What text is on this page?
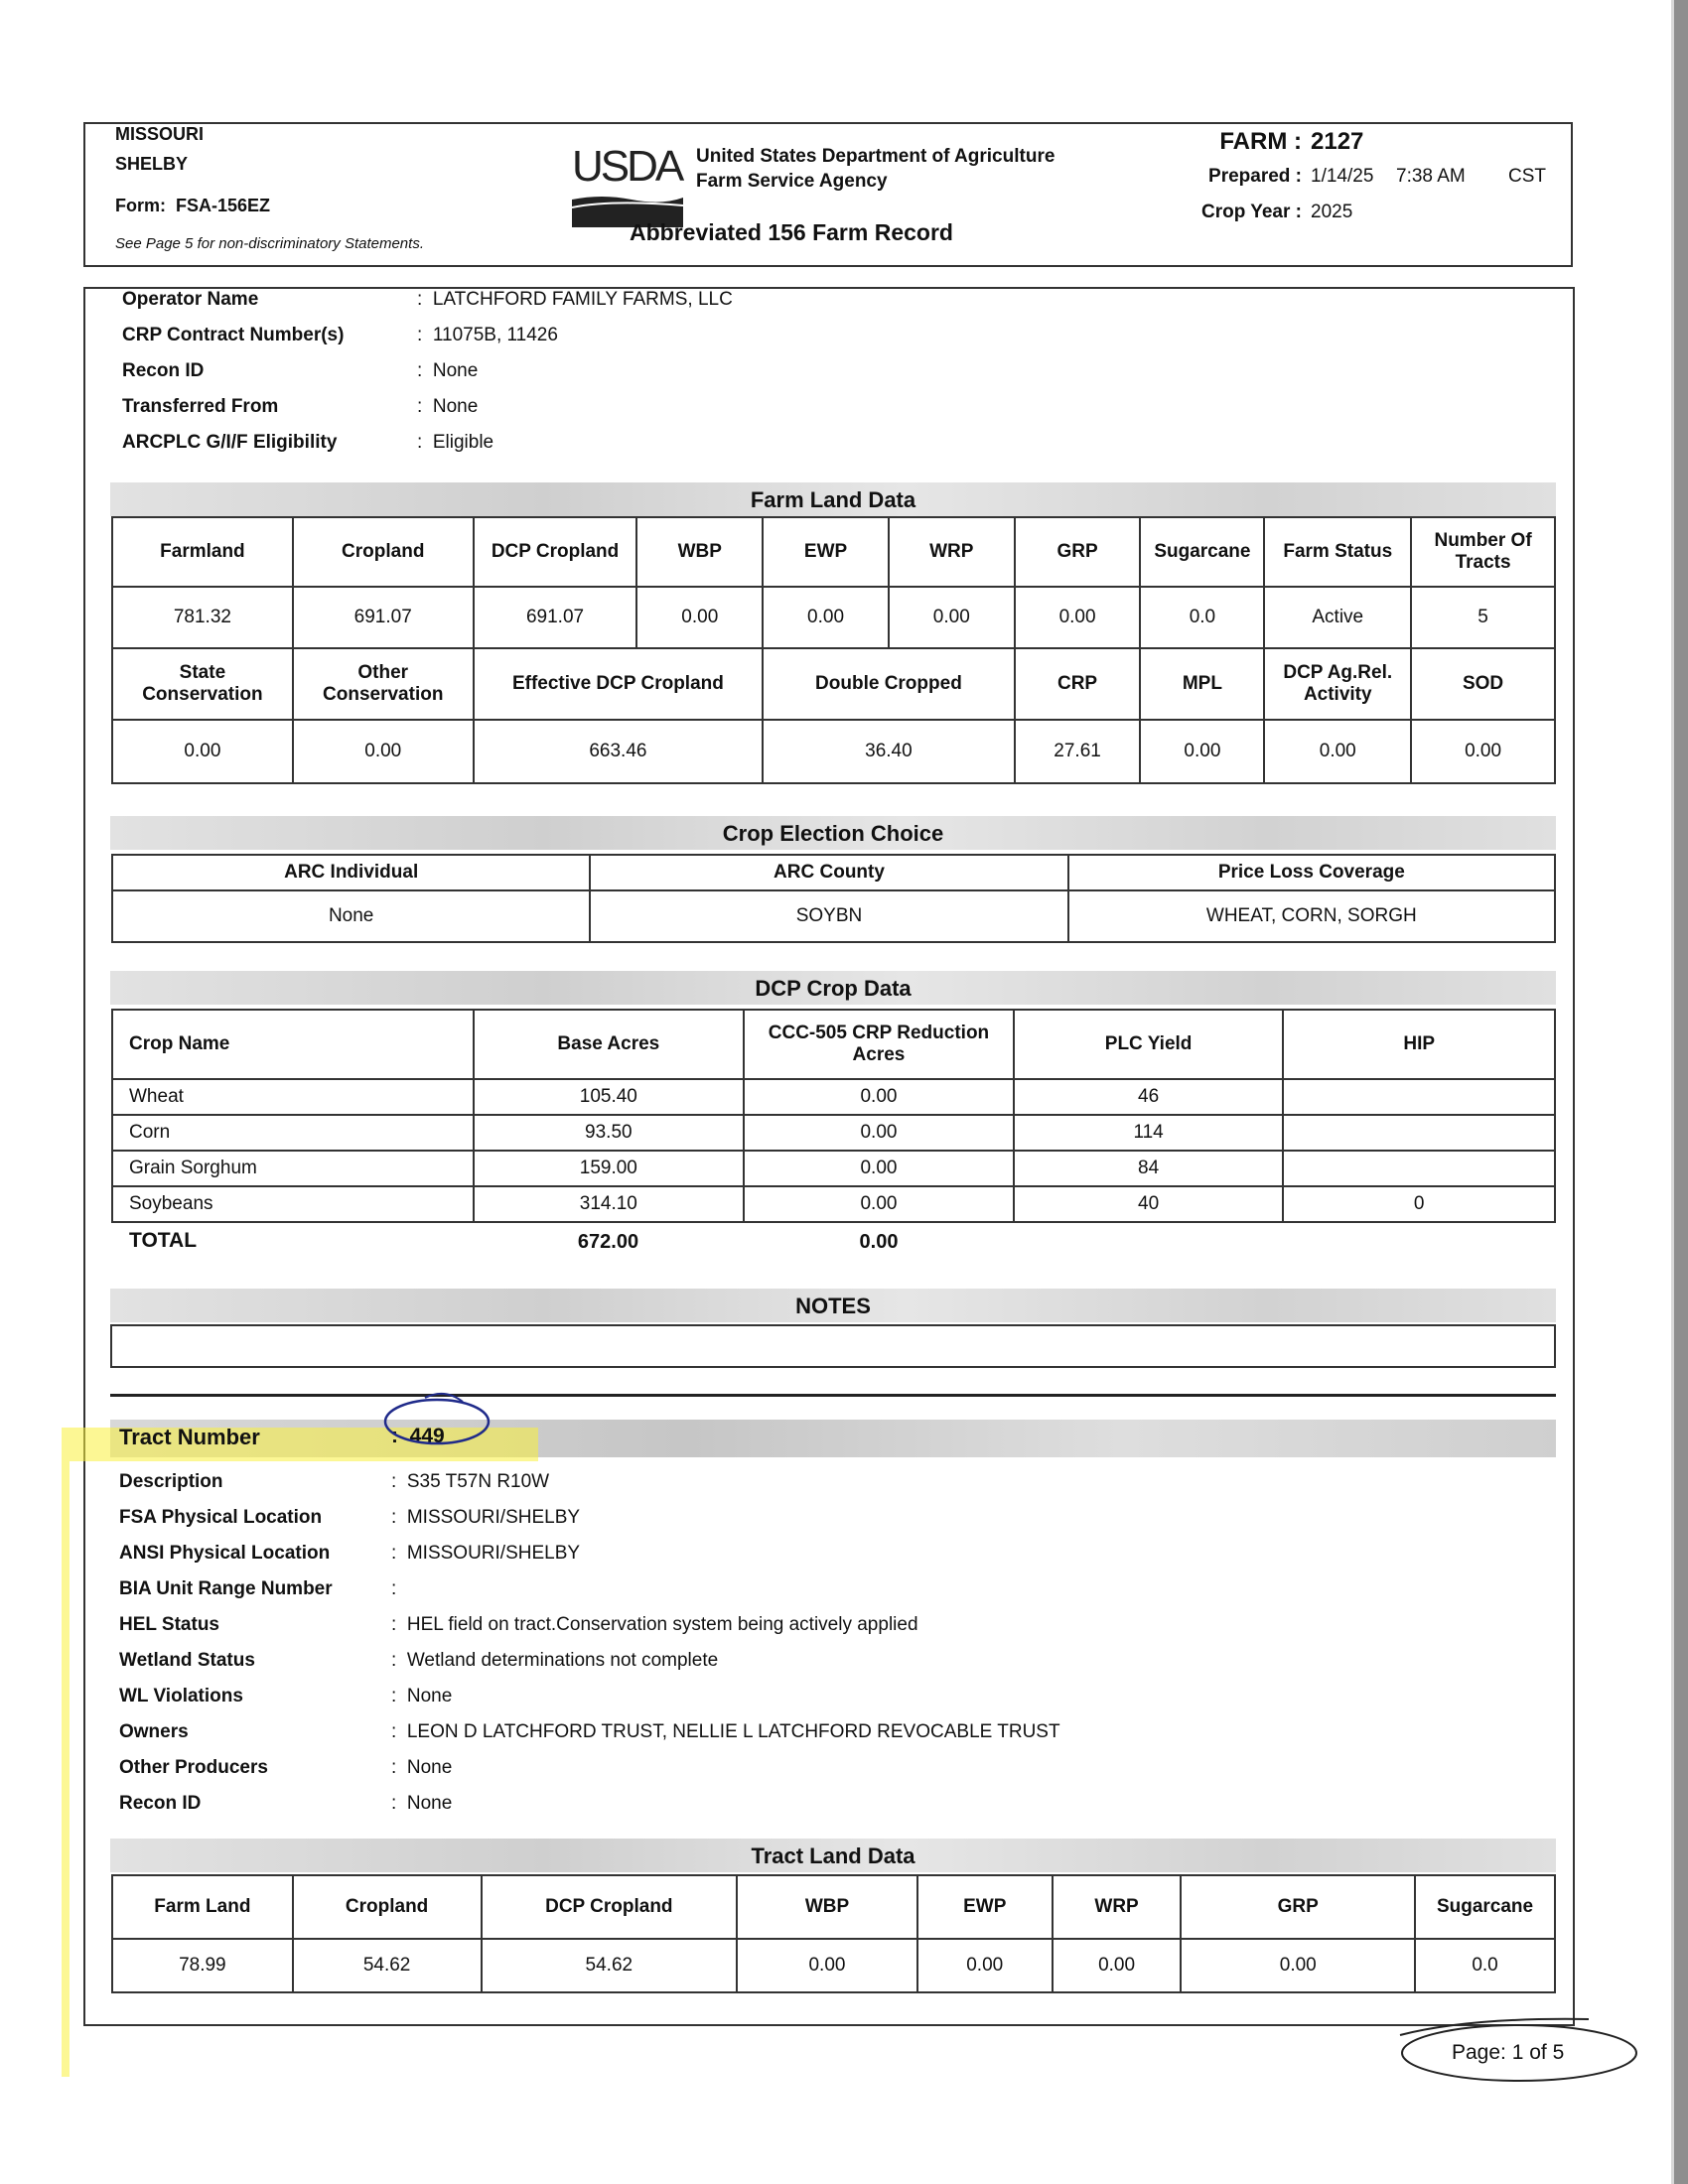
MISSOURI
SHELBY
Form: FSA-156EZ
See Page 5 for non-discriminatory Statements.
USDA United States Department of Agriculture
Farm Service Agency
Abbreviated 156 Farm Record
FARM : 2127
Prepared : 1/14/25 7:38 AM CST
Crop Year : 2025
Operator Name	:  LATCHFORD FAMILY FARMS, LLC
CRP Contract Number(s)	:  11075B, 11426
Recon ID	:  None
Transferred From	:  None
ARCPLC G/I/F Eligibility	:  Eligible
Farm Land Data
Farmland	Cropland	DCP Cropland	WBP	EWP	WRP	GRP	Sugarcane	Farm Status	Number Of Tracts
781.32	691.07	691.07	0.00	0.00	0.00	0.00	0.0	Active	5
State Conservation	Other Conservation	Effective DCP Cropland		Double Cropped		CRP	MPL	DCP Ag.Rel. Activity	SOD
0.00	0.00	663.46		36.40		27.61	0.00	0.00	0.00
Crop Election Choice
ARC Individual	ARC County	Price Loss Coverage
None	SOYBN	WHEAT, CORN, SORGH
DCP Crop Data
Crop Name	Base Acres	CCC-505 CRP Reduction Acres	PLC Yield	HIP
Wheat	105.40	0.00	46	
Corn	93.50	0.00	114	
Grain Sorghum	159.00	0.00	84	
Soybeans	314.10	0.00	40	0
TOTAL	672.00	0.00
NOTES
Tract Number	:  449
Description	:  S35 T57N R10W
FSA Physical Location	:  MISSOURI/SHELBY
ANSI Physical Location	:  MISSOURI/SHELBY
BIA Unit Range Number	:
HEL Status	:  HEL field on tract.Conservation system being actively applied
Wetland Status	:  Wetland determinations not complete
WL Violations	:  None
Owners	:  LEON D LATCHFORD TRUST, NELLIE L LATCHFORD REVOCABLE TRUST
Other Producers	:  None
Recon ID	:  None
Tract Land Data
Farm Land	Cropland	DCP Cropland	WBP	EWP	WRP	GRP	Sugarcane
78.99	54.62	54.62	0.00	0.00	0.00	0.00	0.0
Page: 1 of 5
